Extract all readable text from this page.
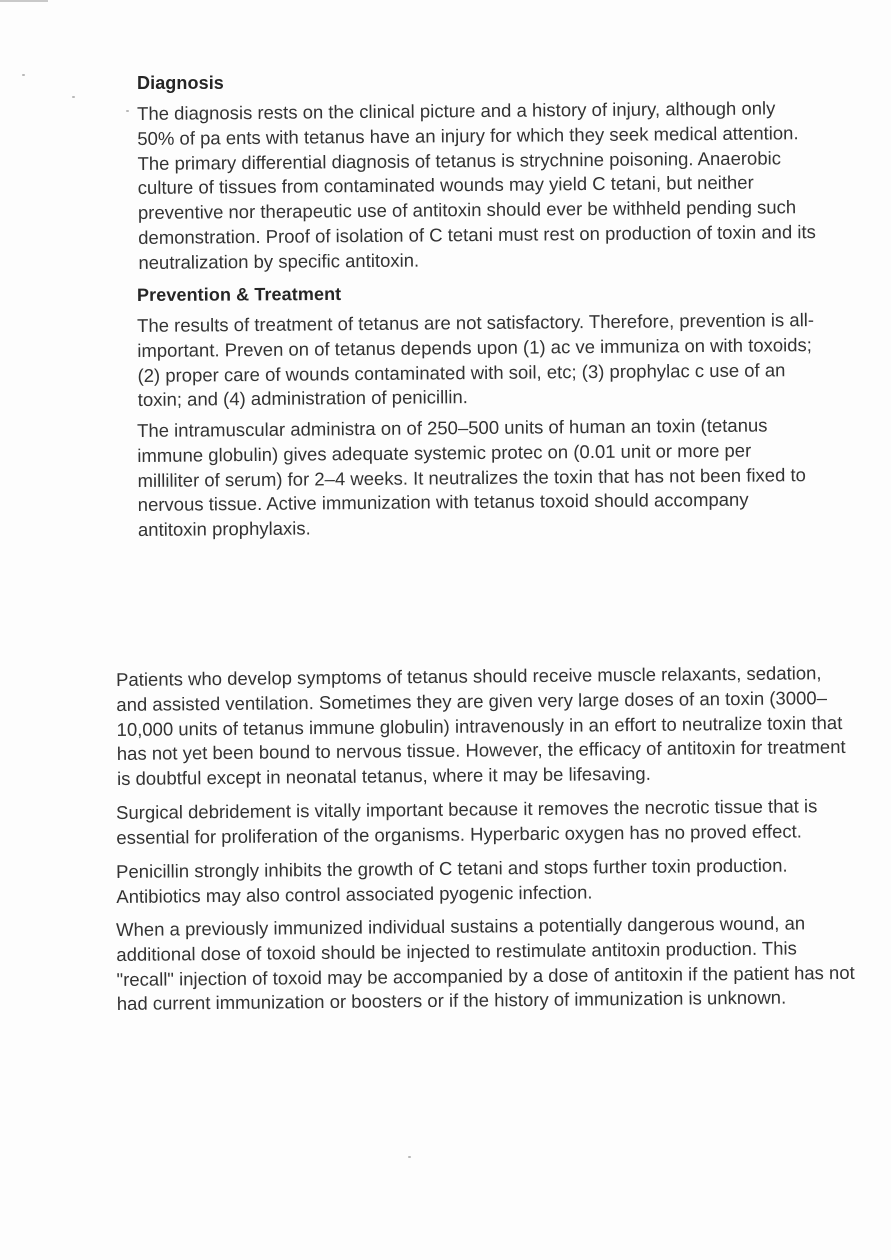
Diagnosis

The diagnosis rests on the clinical picture and a history of injury, although only 50% of pa ents with tetanus have an injury for which they seek medical attention. The primary differential diagnosis of tetanus is strychnine poisoning. Anaerobic culture of tissues from contaminated wounds may yield C tetani, but neither preventive nor therapeutic use of antitoxin should ever be withheld pending such demonstration. Proof of isolation of C tetani must rest on production of toxin and its neutralization by specific antitoxin.

Prevention & Treatment

The results of treatment of tetanus are not satisfactory. Therefore, prevention is all-important. Preven on of tetanus depends upon (1) ac ve immuniza on with toxoids; (2) proper care of wounds contaminated with soil, etc; (3) prophylac c use of an toxin; and (4) administration of penicillin.

The intramuscular administra on of 250–500 units of human an toxin (tetanus immune globulin) gives adequate systemic protec on (0.01 unit or more per milliliter of serum) for 2–4 weeks. It neutralizes the toxin that has not been fixed to nervous tissue. Active immunization with tetanus toxoid should accompany antitoxin prophylaxis.

Patients who develop symptoms of tetanus should receive muscle relaxants, sedation, and assisted ventilation. Sometimes they are given very large doses of an toxin (3000–10,000 units of tetanus immune globulin) intravenously in an effort to neutralize toxin that has not yet been bound to nervous tissue. However, the efficacy of antitoxin for treatment is doubtful except in neonatal tetanus, where it may be lifesaving.

Surgical debridement is vitally important because it removes the necrotic tissue that is essential for proliferation of the organisms. Hyperbaric oxygen has no proved effect.

Penicillin strongly inhibits the growth of C tetani and stops further toxin production. Antibiotics may also control associated pyogenic infection.

When a previously immunized individual sustains a potentially dangerous wound, an additional dose of toxoid should be injected to restimulate antitoxin production. This "recall" injection of toxoid may be accompanied by a dose of antitoxin if the patient has not had current immunization or boosters or if the history of immunization is unknown.
